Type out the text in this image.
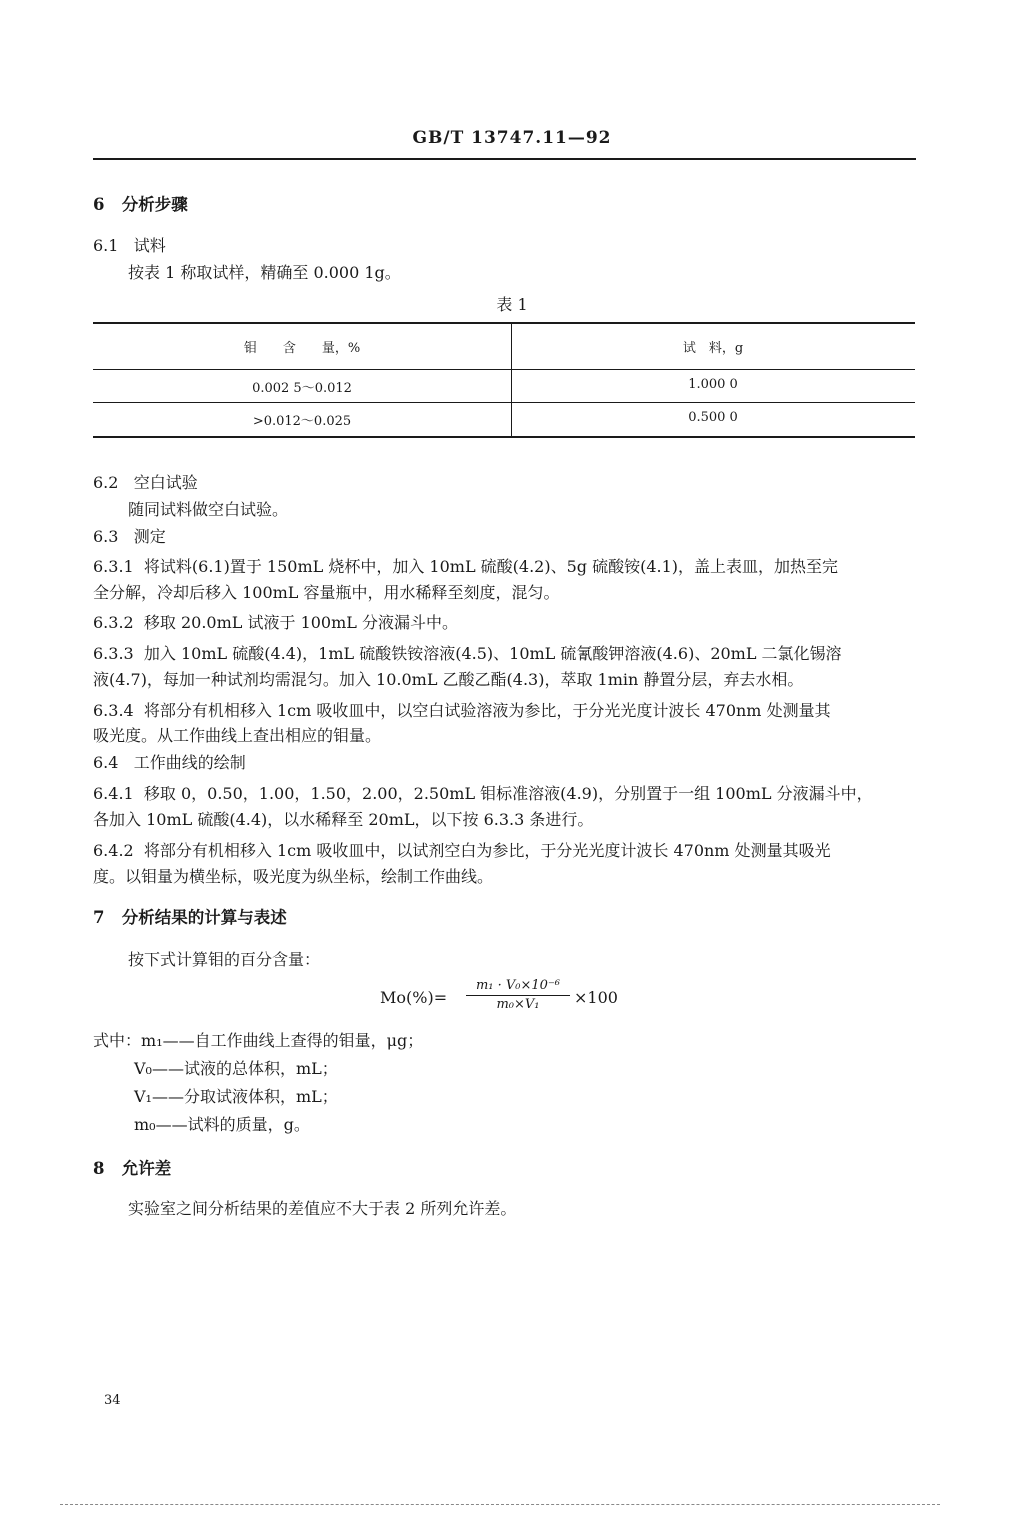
GB/T 13747.11—92
6 分析步骤
6.1 试料
按表 1 称取试样，精确至 0.000 1g。
表 1
钼　　含　　量，%	试　料，g
0.002 5～0.012	1.000 0
>0.012～0.025	0.500 0
6.2 空白试验
随同试料做空白试验。
6.3 测定
6.3.1 将试料(6.1)置于 150mL 烧杯中，加入 10mL 硫酸(4.2)、5g 硫酸铵(4.1)，盖上表皿，加热至完
全分解，冷却后移入 100mL 容量瓶中，用水稀释至刻度，混匀。
6.3.2 移取 20.0mL 试液于 100mL 分液漏斗中。
6.3.3 加入 10mL 硫酸(4.4)，1mL 硫酸铁铵溶液(4.5)、10mL 硫氰酸钾溶液(4.6)、20mL 二氯化锡溶
液(4.7)，每加一种试剂均需混匀。加入 10.0mL 乙酸乙酯(4.3)，萃取 1min 静置分层，弃去水相。
6.3.4 将部分有机相移入 1cm 吸收皿中，以空白试验溶液为参比，于分光光度计波长 470nm 处测量其
吸光度。从工作曲线上查出相应的钼量。
6.4 工作曲线的绘制
6.4.1 移取 0，0.50，1.00，1.50，2.00，2.50mL 钼标准溶液(4.9)，分别置于一组 100mL 分液漏斗中，
各加入 10mL 硫酸(4.4)，以水稀释至 20mL，以下按 6.3.3 条进行。
6.4.2 将部分有机相移入 1cm 吸收皿中，以试剂空白为参比，于分光光度计波长 470nm 处测量其吸光
度。以钼量为横坐标，吸光度为纵坐标，绘制工作曲线。
7 分析结果的计算与表述
按下式计算钼的百分含量：
Mo(%)=
m₁ · V₀×10⁻⁶
m₀×V₁	×100
式中：m₁——自工作曲线上查得的钼量，μg；
V₀——试液的总体积，mL；
V₁——分取试液体积，mL；
m₀——试料的质量，g。
8 允许差
实验室之间分析结果的差值应不大于表 2 所列允许差。
34
